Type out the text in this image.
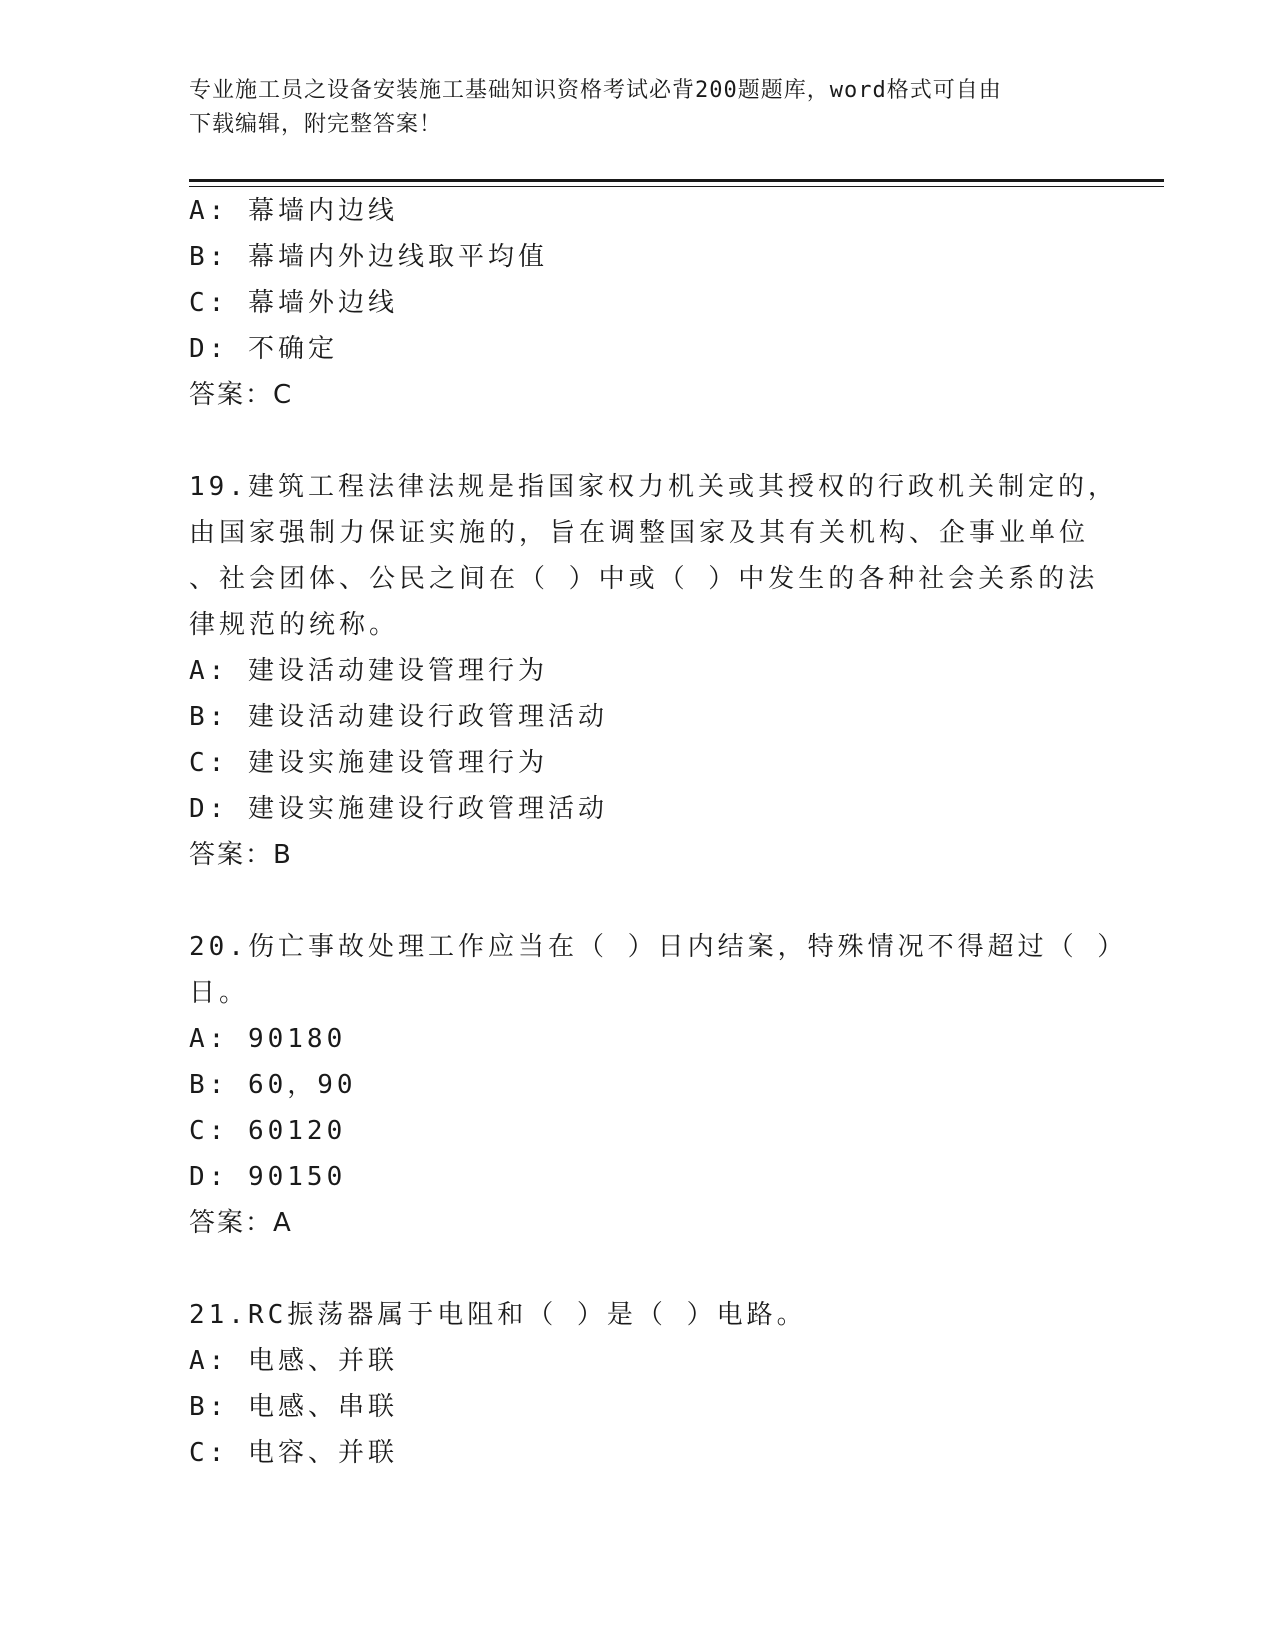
专业施工员之设备安装施工基础知识资格考试必背200题题库，word格式可自由
下载编辑，附完整答案！
A: 幕墙内边线
B: 幕墙内外边线取平均值
C: 幕墙外边线
D: 不确定
答案：C
19.建筑工程法律法规是指国家权力机关或其授权的行政机关制定的，
由国家强制力保证实施的，旨在调整国家及其有关机构、企事业单位
、社会团体、公民之间在（ ）中或（ ）中发生的各种社会关系的法
律规范的统称。
A: 建设活动建设管理行为
B: 建设活动建设行政管理活动
C: 建设实施建设管理行为
D: 建设实施建设行政管理活动
答案：B
20.伤亡事故处理工作应当在（ ）日内结案，特殊情况不得超过（ ）
日。
A: 90180
B: 60，90
C: 60120
D: 90150
答案：A
21.RC振荡器属于电阻和（ ）是（ ）电路。
A: 电感、并联
B: 电感、串联
C: 电容、并联
